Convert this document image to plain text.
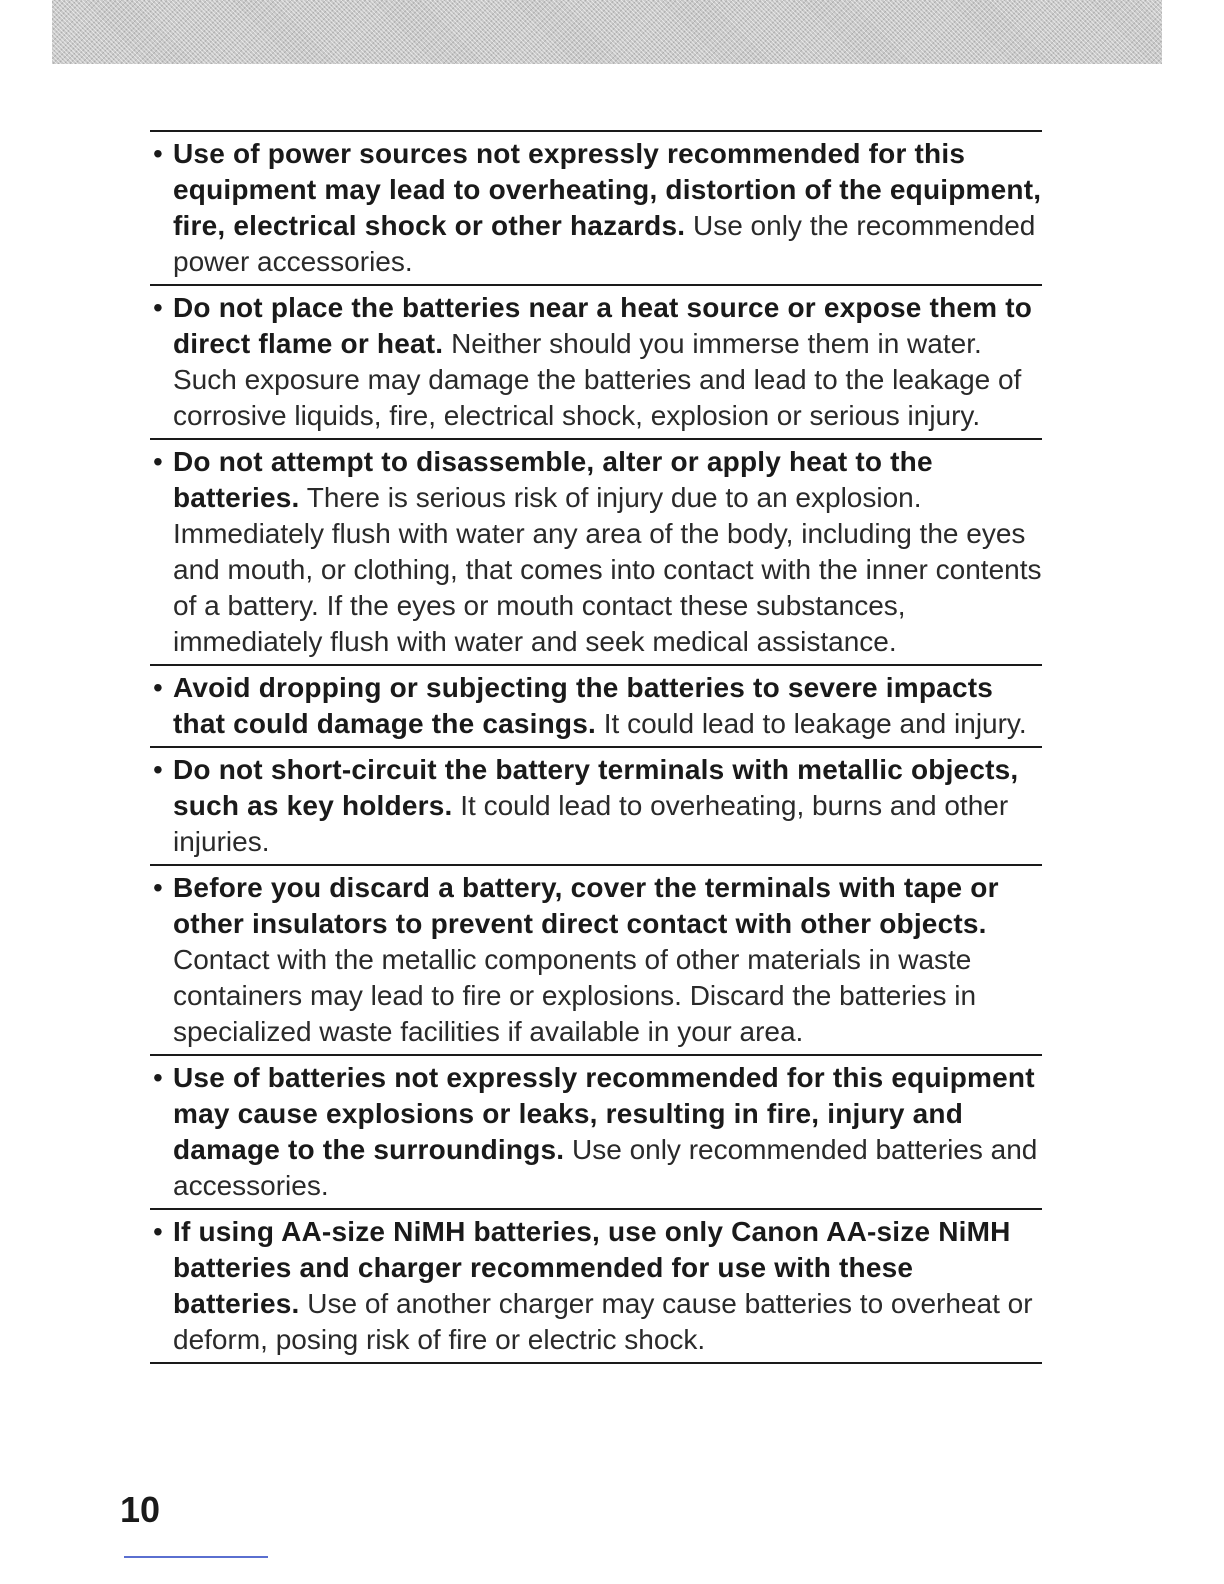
• Use of power sources not expressly recommended for this equipment may lead to overheating, distortion of the equipment, fire, electrical shock or other hazards. Use only the recommended power accessories.
• Do not place the batteries near a heat source or expose them to direct flame or heat. Neither should you immerse them in water. Such exposure may damage the batteries and lead to the leakage of corrosive liquids, fire, electrical shock, explosion or serious injury.
• Do not attempt to disassemble, alter or apply heat to the batteries. There is serious risk of injury due to an explosion. Immediately flush with water any area of the body, including the eyes and mouth, or clothing, that comes into contact with the inner contents of a battery. If the eyes or mouth contact these substances, immediately flush with water and seek medical assistance.
• Avoid dropping or subjecting the batteries to severe impacts that could damage the casings. It could lead to leakage and injury.
• Do not short-circuit the battery terminals with metallic objects, such as key holders. It could lead to overheating, burns and other injuries.
• Before you discard a battery, cover the terminals with tape or other insulators to prevent direct contact with other objects. Contact with the metallic components of other materials in waste containers may lead to fire or explosions. Discard the batteries in specialized waste facilities if available in your area.
• Use of batteries not expressly recommended for this equipment may cause explosions or leaks, resulting in fire, injury and damage to the surroundings. Use only recommended batteries and accessories.
• If using AA-size NiMH batteries, use only Canon AA-size NiMH batteries and charger recommended for use with these batteries. Use of another charger may cause batteries to overheat or deform, posing risk of fire or electric shock.
10
